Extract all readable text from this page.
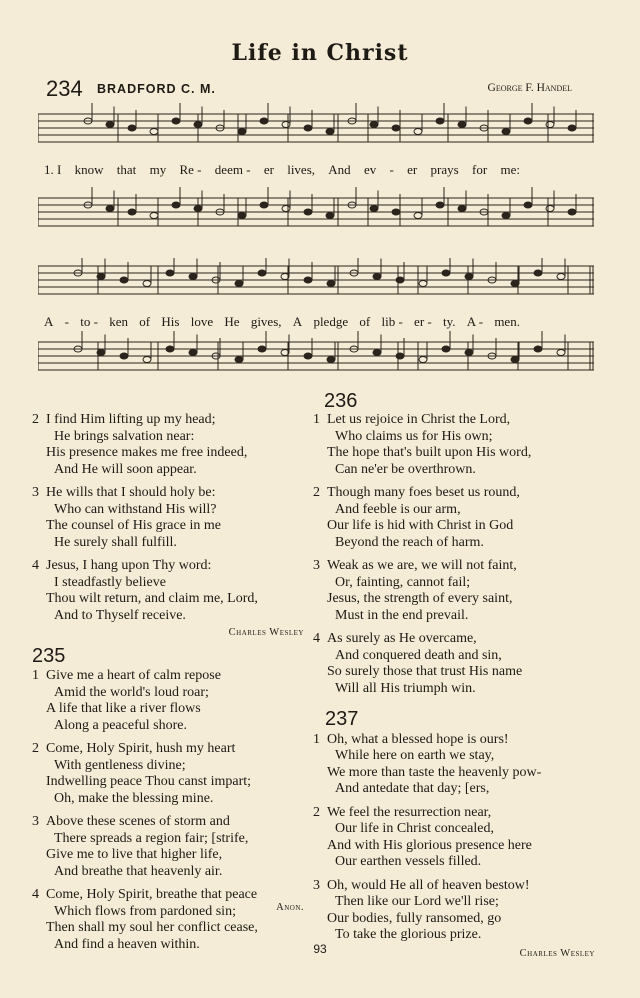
Life in Christ
234 BRADFORD C. M.	George F. Handel
1. I know that my Re - deem - er lives, And ev - er prays for me:
A - to - ken of His love He gives, A pledge of lib - er - ty. A - men.
2 I find Him lifting up my head;
He brings salvation near:
His presence makes me free indeed,
And He will soon appear.
3 He wills that I should holy be:
Who can withstand His will?
The counsel of His grace in me
He surely shall fulfill.
4 Jesus, I hang upon Thy word:
I steadfastly believe
Thou wilt return, and claim me, Lord,
And to Thyself receive.
Charles Wesley
235
1 Give me a heart of calm repose
Amid the world's loud roar;
A life that like a river flows
Along a peaceful shore.
2 Come, Holy Spirit, hush my heart
With gentleness divine;
Indwelling peace Thou canst impart;
Oh, make the blessing mine.
3 Above these scenes of storm and
There spreads a region fair; [strife,
Give me to live that higher life,
And breathe that heavenly air.
4 Come, Holy Spirit, breathe that peace
Which flows from pardoned sin;
Then shall my soul her conflict cease,
And find a heaven within.
236
1 Let us rejoice in Christ the Lord,
Who claims us for His own;
The hope that's built upon His word,
Can ne'er be overthrown.
2 Though many foes beset us round,
And feeble is our arm,
Our life is hid with Christ in God
Beyond the reach of harm.
3 Weak as we are, we will not faint,
Or, fainting, cannot fail;
Jesus, the strength of every saint,
Must in the end prevail.
4 As surely as He overcame,
And conquered death and sin,
So surely those that trust His name
Will all His triumph win.
237
1 Oh, what a blessed hope is ours!
While here on earth we stay,
We more than taste the heavenly pow-
And antedate that day; [ers,
2 We feel the resurrection near,
Our life in Christ concealed,
And with His glorious presence here
Our earthen vessels filled.
3 Oh, would He all of heaven bestow!
Then like our Lord we'll rise;
Our bodies, fully ransomed, go
To take the glorious prize.
Charles Wesley
Anon.
93
